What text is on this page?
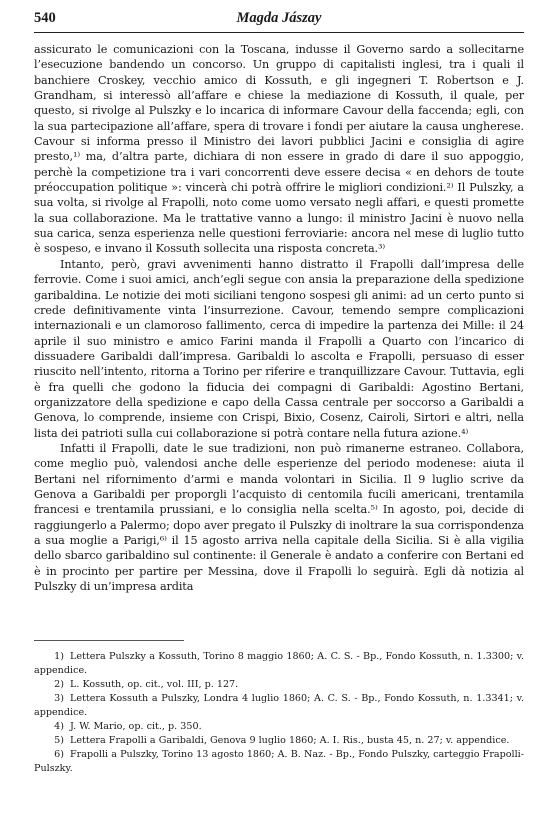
540	Magda Jászay

assicurato le comunicazioni con la Toscana, indusse il Governo sardo a sollecitarne l’esecuzione bandendo un concorso. Un gruppo di capitalisti inglesi, tra i quali il banchiere Croskey, vecchio amico di Kossuth, e gli ingegneri T. Robertson e J. Grandham, si interessò all’affare e chiese la mediazione di Kossuth, il quale, per questo, si rivolge al Pulszky e lo incarica di informare Cavour della faccenda; egli, con la sua partecipazione all’affare, spera di trovare i fondi per aiutare la causa ungherese. Cavour si informa presso il Ministro dei lavori pubblici Jacini e consiglia di agire presto,¹⁾ ma, d’altra parte, dichiara di non essere in grado di dare il suo appoggio, perchè la competizione tra i vari concorrenti deve essere decisa « en dehors de toute préoccupation politique »: vincerà chi potrà offrire le migliori condizioni.²⁾ Il Pulszky, a sua volta, si rivolge al Frapolli, noto come uomo versato negli affari, e questi promette la sua collaborazione. Ma le trattative vanno a lungo: il ministro Jacini è nuovo nella sua carica, senza esperienza nelle questioni ferroviarie: ancora nel mese di luglio tutto è sospeso, e invano il Kossuth sollecita una risposta concreta.³⁾

Intanto, però, gravi avvenimenti hanno distratto il Frapolli dall’impresa delle ferrovie. Come i suoi amici, anch’egli segue con ansia la preparazione della spedizione garibaldina. Le notizie dei moti siciliani tengono sospesi gli animi: ad un certo punto si crede definitivamente vinta l’insurrezione. Cavour, temendo sempre complicazioni internazionali e un clamoroso fallimento, cerca di impedire la partenza dei Mille: il 24 aprile il suo ministro e amico Farini manda il Frapolli a Quarto con l’incarico di dissuadere Garibaldi dall’impresa. Garibaldi lo ascolta e Frapolli, persuaso di esser riuscito nell’intento, ritorna a Torino per riferire e tranquillizzare Cavour. Tuttavia, egli è fra quelli che godono la fiducia dei compagni di Garibaldi: Agostino Bertani, organizzatore della spedizione e capo della Cassa centrale per soccorso a Garibaldi a Genova, lo comprende, insieme con Crispi, Bixio, Cosenz, Cairoli, Sirtori e altri, nella lista dei patrioti sulla cui collaborazione si potrà contare nella futura azione.⁴⁾

Infatti il Frapolli, date le sue tradizioni, non può rimanerne estraneo. Collabora, come meglio può, valendosi anche delle esperienze del periodo modenese: aiuta il Bertani nel rifornimento d’armi e manda volontari in Sicilia. Il 9 luglio scrive da Genova a Garibaldi per proporgli l’acquisto di centomila fucili americani, trentamila francesi e trentamila prussiani, e lo consiglia nella scelta.⁵⁾ In agosto, poi, decide di raggiungerlo a Palermo; dopo aver pregato il Pulszky di inoltrare la sua corrispondenza a sua moglie a Parigi,⁶⁾ il 15 agosto arriva nella capitale della Sicilia. Si è alla vigilia dello sbarco garibaldino sul continente: il Generale è andato a conferire con Bertani ed è in procinto per partire per Messina, dove il Frapolli lo seguirà. Egli dà notizia al Pulszky di un’impresa ardita

1) Lettera Pulszky a Kossuth, Torino 8 maggio 1860; A. C. S. - Bp., Fondo Kossuth, n. 1.3300; v. appendice.

2) L. Kossuth, op. cit., vol. III, p. 127.

3) Lettera Kossuth a Pulszky, Londra 4 luglio 1860; A. C. S. - Bp., Fondo Kossuth, n. 1.3341; v. appendice.

4) J. W. Mario, op. cit., p. 350.

5) Lettera Frapolli a Garibaldi, Genova 9 luglio 1860; A. I. Ris., busta 45, n. 27; v. appendice.

6) Frapolli a Pulszky, Torino 13 agosto 1860; A. B. Naz. - Bp., Fondo Pulszky, carteggio Frapolli-Pulszky.
